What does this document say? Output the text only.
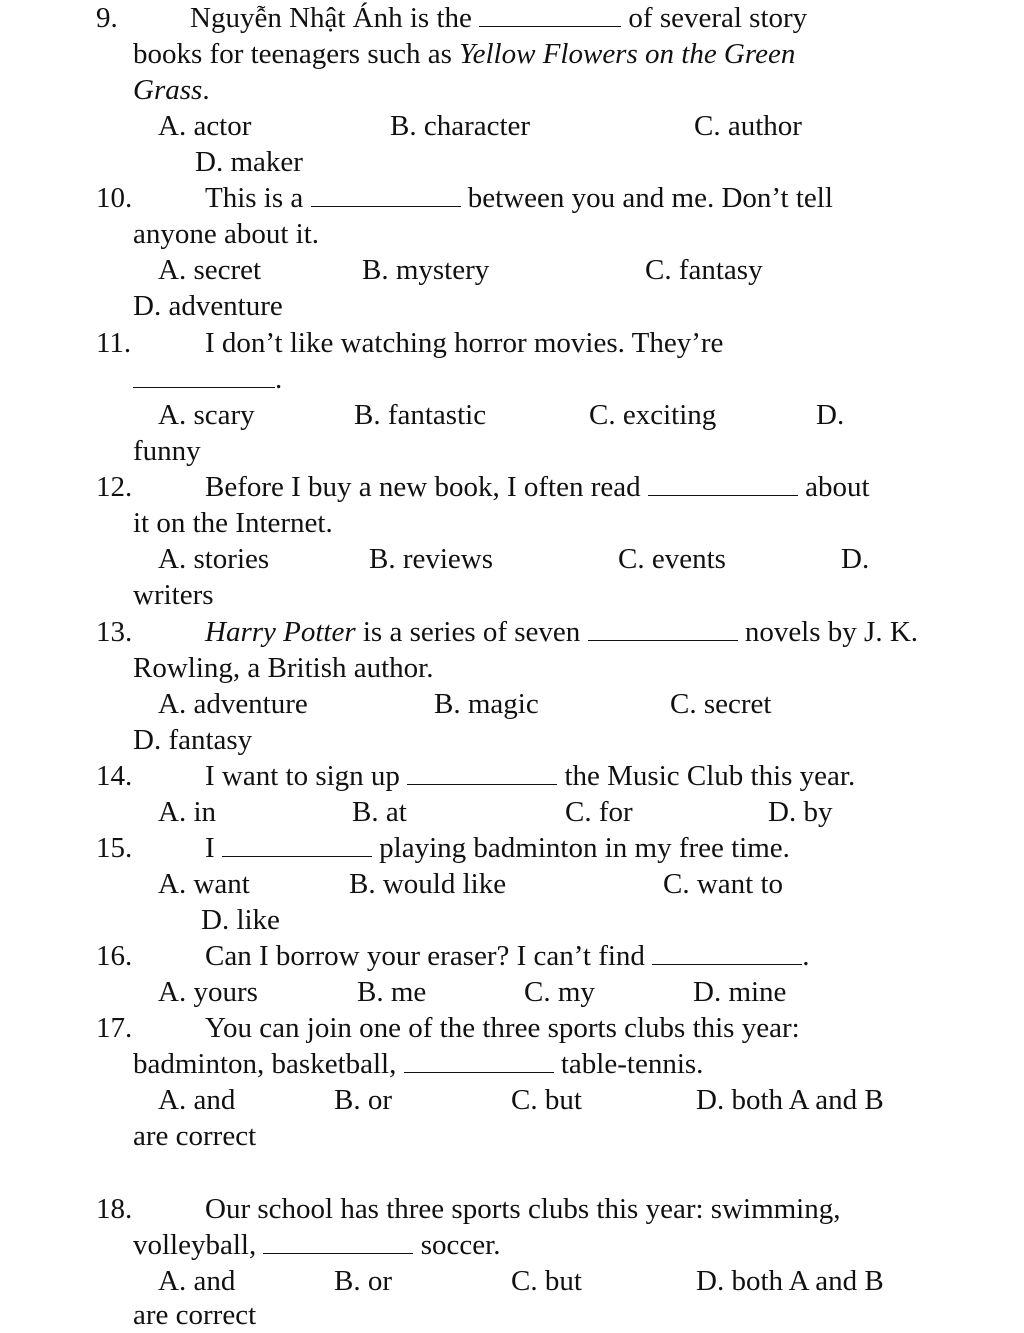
9. Nguyễn Nhật Ánh is the	of several story
books for teenagers such as Yellow Flowers on the Green
Grass.
A. actor	B. character	C. author
D. maker
10.	This is a	between you and me. Don’t tell
anyone about it.
A. secret	B. mystery	C. fantasy
D. adventure
11.	I don’t like watching horror movies. They’re
.
A. scary	B. fantastic	C. exciting	D.
funny
12.	Before I buy a new book, I often read	about
it on the Internet.
A. stories	B. reviews	C. events	D.
writers
13.	Harry Potter is a series of seven	novels by J. K.
Rowling, a British author.
A. adventure	B. magic	C. secret
D. fantasy
14.	I want to sign up	the Music Club this year.
A. in	B. at	C. for	D. by
15.	I	playing badminton in my free time.
A. want	B. would like	C. want to
D. like
16.	Can I borrow your eraser? I can’t find	.
A. yours	B. me	C. my	D. mine
17.	You can join one of the three sports clubs this year:
badminton, basketball,	table-tennis.
A. and	B. or	C. but	D. both A and B
are correct
18.	Our school has three sports clubs this year: swimming,
volleyball,	soccer.
A. and	B. or	C. but	D. both A and B
are correct
